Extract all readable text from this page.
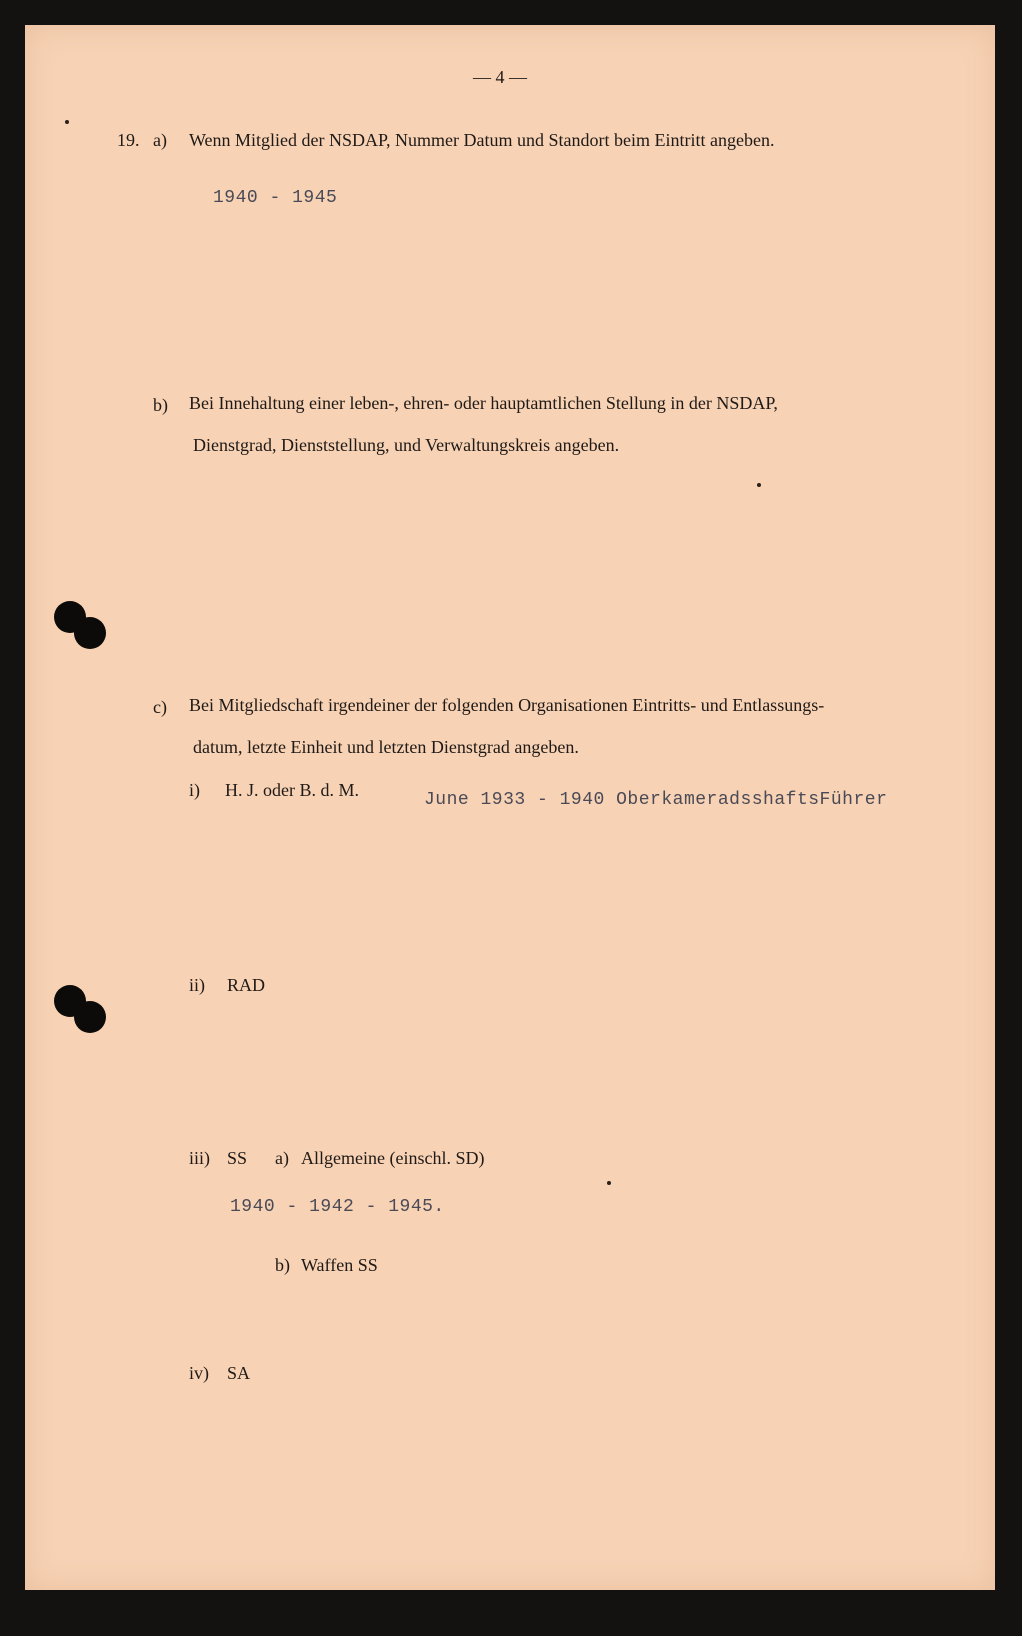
— 4 —
19. a) Wenn Mitglied der NSDAP, Nummer Datum und Standort beim Eintritt angeben.
1940 - 1945
b) Bei Innehaltung einer leben-, ehren- oder hauptamtlichen Stellung in der NSDAP,
Dienstgrad, Dienststellung, und Verwaltungskreis angeben.
c) Bei Mitgliedschaft irgendeiner der folgenden Organisationen Eintritts- und Entlassungs-
datum, letzte Einheit und letzten Dienstgrad angeben.
i) H. J. oder B. d. M.	June 1933 - 1940 OberkameradsshaftsFührer
ii) RAD
iii) SS a) Allgemeine (einschl. SD)
1940 - 1942 - 1945.
b) Waffen SS
iv) SA
